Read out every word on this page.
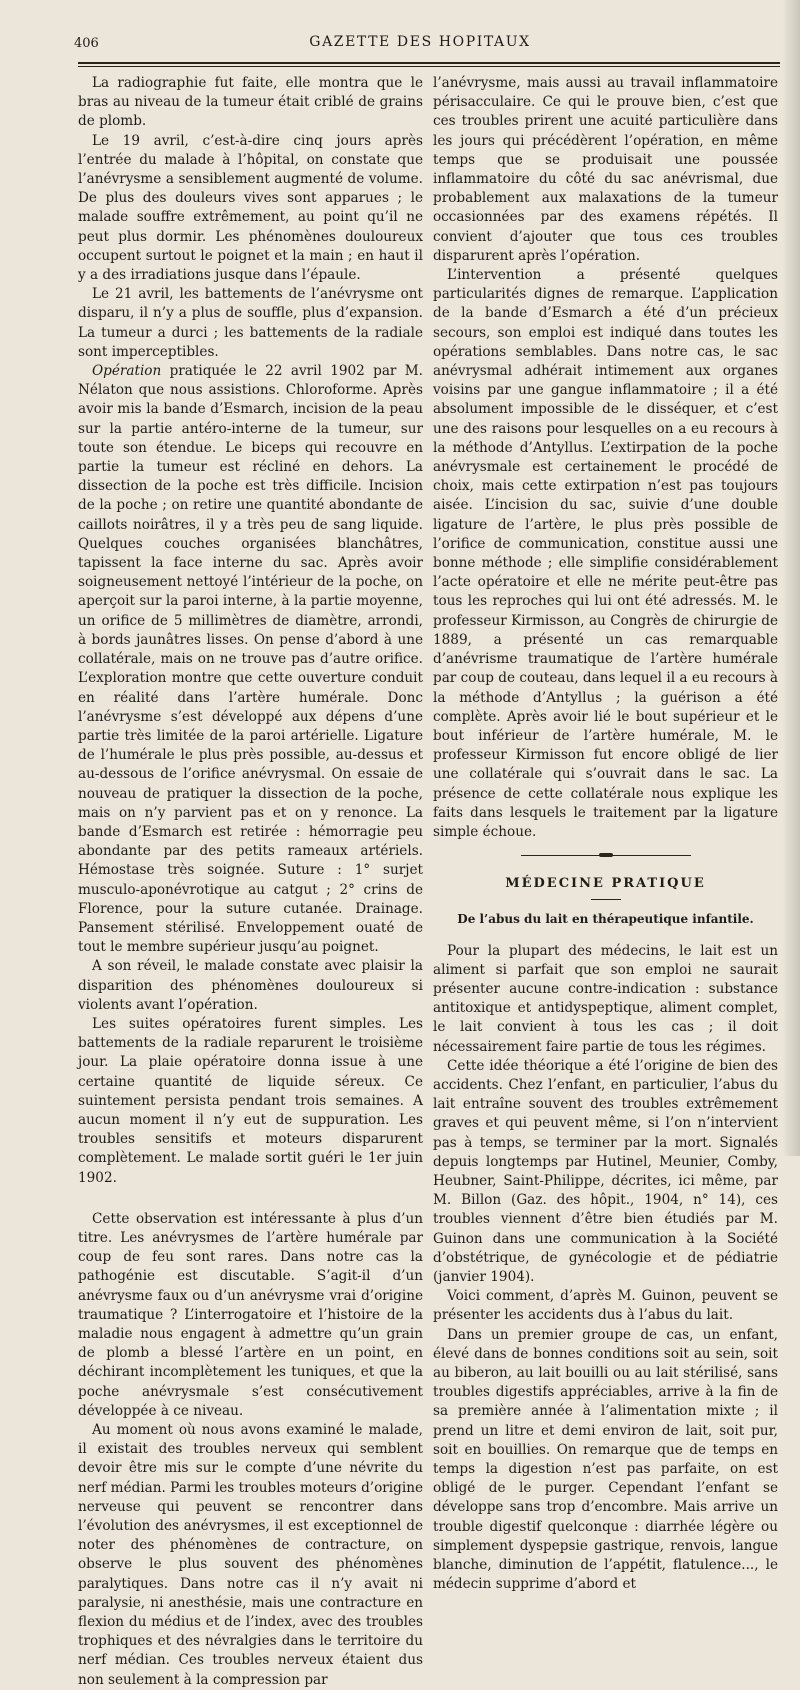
406	GAZETTE DES HOPITAUX

La radiographie fut faite, elle montra que le bras au niveau de la tumeur était criblé de grains de plomb.

Le 19 avril, c’est-à-dire cinq jours après l’entrée du malade à l’hôpital, on constate que l’anévrysme a sensiblement augmenté de volume. De plus des douleurs vives sont apparues ; le malade souffre extrêmement, au point qu’il ne peut plus dormir. Les phénomènes douloureux occupent surtout le poignet et la main ; en haut il y a des irradiations jusque dans l’épaule.

Le 21 avril, les battements de l’anévrysme ont disparu, il n’y a plus de souffle, plus d’expansion. La tumeur a durci ; les battements de la radiale sont imperceptibles.

Opération pratiquée le 22 avril 1902 par M. Nélaton que nous assistions. Chloroforme. Après avoir mis la bande d’Esmarch, incision de la peau sur la partie antéro-interne de la tumeur, sur toute son étendue. Le biceps qui recouvre en partie la tumeur est récliné en dehors. La dissection de la poche est très difficile. Incision de la poche ; on retire une quantité abondante de caillots noirâtres, il y a très peu de sang liquide. Quelques couches organisées blanchâtres, tapissent la face interne du sac. Après avoir soigneusement nettoyé l’intérieur de la poche, on aperçoit sur la paroi interne, à la partie moyenne, un orifice de 5 millimètres de diamètre, arrondi, à bords jaunâtres lisses. On pense d’abord à une collatérale, mais on ne trouve pas d’autre orifice. L’exploration montre que cette ouverture conduit en réalité dans l’artère humérale. Donc l’anévrysme s’est développé aux dépens d’une partie très limitée de la paroi artérielle. Ligature de l’humérale le plus près possible, au-dessus et au-dessous de l’orifice anévrysmal. On essaie de nouveau de pratiquer la dissection de la poche, mais on n’y parvient pas et on y renonce. La bande d’Esmarch est retirée : hémorragie peu abondante par des petits rameaux artériels. Hémostase très soignée. Suture : 1° surjet musculo-aponévrotique au catgut ; 2° crins de Florence, pour la suture cutanée. Drainage. Pansement stérilisé. Enveloppement ouaté de tout le membre supérieur jusqu’au poignet.

A son réveil, le malade constate avec plaisir la disparition des phénomènes douloureux si violents avant l’opération.

Les suites opératoires furent simples. Les battements de la radiale reparurent le troisième jour. La plaie opératoire donna issue à une certaine quantité de liquide séreux. Ce suintement persista pendant trois semaines. A aucun moment il n’y eut de suppuration. Les troubles sensitifs et moteurs disparurent complètement. Le malade sortit guéri le 1er juin 1902.

Cette observation est intéressante à plus d’un titre. Les anévrysmes de l’artère humérale par coup de feu sont rares. Dans notre cas la pathogénie est discutable. S’agit-il d’un anévrysme faux ou d’un anévrysme vrai d’origine traumatique ? L’interrogatoire et l’histoire de la maladie nous engagent à admettre qu’un grain de plomb a blessé l’artère en un point, en déchirant incomplètement les tuniques, et que la poche anévrysmale s’est consécutivement développée à ce niveau.

Au moment où nous avons examiné le malade, il existait des troubles nerveux qui semblent devoir être mis sur le compte d’une névrite du nerf médian. Parmi les troubles moteurs d’origine nerveuse qui peuvent se rencontrer dans l’évolution des anévrysmes, il est exceptionnel de noter des phénomènes de contracture, on observe le plus souvent des phénomènes paralytiques. Dans notre cas il n’y avait ni paralysie, ni anesthésie, mais une contracture en flexion du médius et de l’index, avec des troubles trophiques et des névralgies dans le territoire du nerf médian. Ces troubles nerveux étaient dus non seulement à la compression par

l’anévrysme, mais aussi au travail inflammatoire périsacculaire. Ce qui le prouve bien, c’est que ces troubles prirent une acuité particulière dans les jours qui précédèrent l’opération, en même temps que se produisait une poussée inflammatoire du côté du sac anévrismal, due probablement aux malaxations de la tumeur occasionnées par des examens répétés. Il convient d’ajouter que tous ces troubles disparurent après l’opération.

L’intervention a présenté quelques particularités dignes de remarque. L’application de la bande d’Esmarch a été d’un précieux secours, son emploi est indiqué dans toutes les opérations semblables. Dans notre cas, le sac anévrysmal adhérait intimement aux organes voisins par une gangue inflammatoire ; il a été absolument impossible de le disséquer, et c’est une des raisons pour lesquelles on a eu recours à la méthode d’Antyllus. L’extirpation de la poche anévrysmale est certainement le procédé de choix, mais cette extirpation n’est pas toujours aisée. L’incision du sac, suivie d’une double ligature de l’artère, le plus près possible de l’orifice de communication, constitue aussi une bonne méthode ; elle simplifie considérablement l’acte opératoire et elle ne mérite peut-être pas tous les reproches qui lui ont été adressés. M. le professeur Kirmisson, au Congrès de chirurgie de 1889, a présenté un cas remarquable d’anévrisme traumatique de l’artère humérale par coup de couteau, dans lequel il a eu recours à la méthode d’Antyllus ; la guérison a été complète. Après avoir lié le bout supérieur et le bout inférieur de l’artère humérale, M. le professeur Kirmisson fut encore obligé de lier une collatérale qui s’ouvrait dans le sac. La présence de cette collatérale nous explique les faits dans lesquels le traitement par la ligature simple échoue.

MÉDECINE PRATIQUE
De l’abus du lait en thérapeutique infantile.

Pour la plupart des médecins, le lait est un aliment si parfait que son emploi ne saurait présenter aucune contre-indication : substance antitoxique et antidyspeptique, aliment complet, le lait convient à tous les cas ; il doit nécessairement faire partie de tous les régimes.

Cette idée théorique a été l’origine de bien des accidents. Chez l’enfant, en particulier, l’abus du lait entraîne souvent des troubles extrêmement graves et qui peuvent même, si l’on n’intervient pas à temps, se terminer par la mort. Signalés depuis longtemps par Hutinel, Meunier, Comby, Heubner, Saint-Philippe, décrites, ici même, par M. Billon (Gaz. des hôpit., 1904, n° 14), ces troubles viennent d’être bien étudiés par M. Guinon dans une communication à la Société d’obstétrique, de gynécologie et de pédiatrie (janvier 1904).

Voici comment, d’après M. Guinon, peuvent se présenter les accidents dus à l’abus du lait.

Dans un premier groupe de cas, un enfant, élevé dans de bonnes conditions soit au sein, soit au biberon, au lait bouilli ou au lait stérilisé, sans troubles digestifs appréciables, arrive à la fin de sa première année à l’alimentation mixte ; il prend un litre et demi environ de lait, soit pur, soit en bouillies. On remarque que de temps en temps la digestion n’est pas parfaite, on est obligé de le purger. Cependant l’enfant se développe sans trop d’encombre. Mais arrive un trouble digestif quelconque : diarrhée légère ou simplement dyspepsie gastrique, renvois, langue blanche, diminution de l’appétit, flatulence..., le médecin supprime d’abord et
